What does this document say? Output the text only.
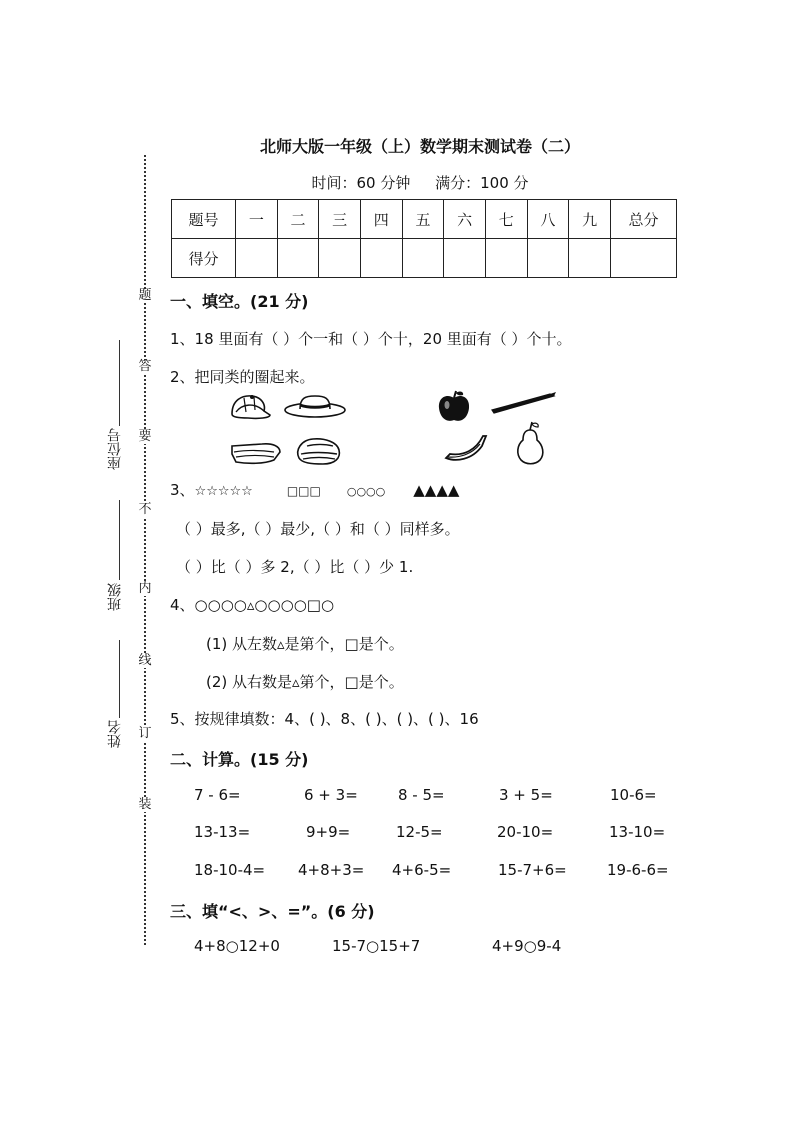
座位号
班级
姓名
题
答
要
不
内
线
订
装
北师大版一年级（上）数学期末测试卷（二）
时间：60 分钟 满分：100 分
题号	一	二	三	四	五	六	七	八	九	总分
得分										
一、填空。(21 分)
1、18 里面有（ ）个一和（ ）个十，20 里面有（ ）个十。
2、把同类的圈起来。
3、☆☆☆☆☆	□□□ ○○○○ ▲▲▲▲
（ ）最多,（ ）最少,（ ）和（ ）同样多。
（ ）比（ ）多 2,（ ）比（ ）少 1.
4、○○○○▵○○○○□○
(1) 从左数▵是第个，□是个。
(2) 从右数是▵第个，□是个。
5、按规律填数：4、( )、8、( )、( )、( )、16
二、计算。(15 分)
7 - 6=	6 + 3=	8 - 5=	3 + 5=	10-6=
13-13=	9+9=	12-5=	20-10=	13-10=
18-10-4= 4+8+3= 4+6-5=	15-7+6=	19-6-6=
三、填“<、>、=”。(6 分)
4+8○12+0	15-7○15+7	4+9○9-4
